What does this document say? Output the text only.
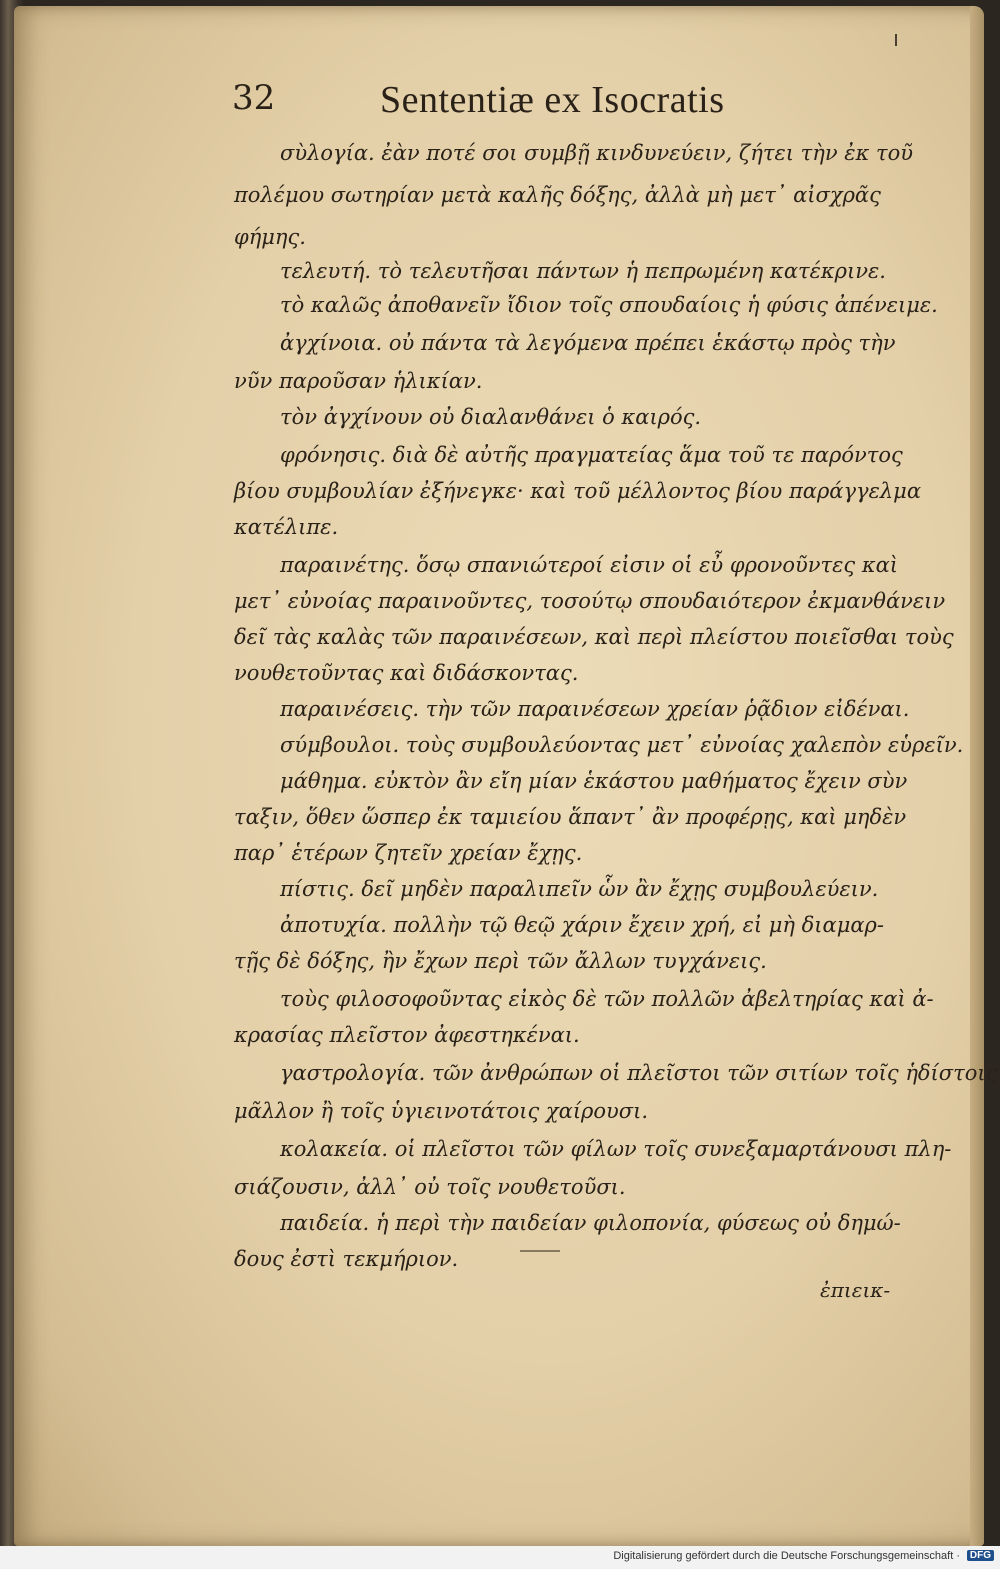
32	Sententiæ ex Isocratis
σὺλογία. ἐὰν ποτέ σοι συμβῇ κινδυνεύειν, ζήτει τὴν ἐκ τοῦ
πολέμου σωτηρίαν μετὰ καλῆς δόξης, ἀλλὰ μὴ μετ᾽ αἰσχρᾶς
φήμης.
τελευτή. τὸ τελευτῆσαι πάντων ἡ πεπρωμένη κατέκρινε.
τὸ καλῶς ἀποθανεῖν ἴδιον τοῖς σπουδαίοις ἡ φύσις ἀπένειμε.
ἀγχίνοια. οὐ πάντα τὰ λεγόμενα πρέπει ἑκάστῳ πρὸς τὴν
νῦν παροῦσαν ἡλικίαν.
τὸν ἀγχίνουν οὐ διαλανθάνει ὁ καιρός.
φρόνησις. διὰ δὲ αὐτῆς πραγματείας ἅμα τοῦ τε παρόντος
βίου συμβουλίαν ἐξήνεγκε· καὶ τοῦ μέλλοντος βίου παράγγελμα
κατέλιπε.
παραινέτης. ὅσῳ σπανιώτεροί εἰσιν οἱ εὖ φρονοῦντες καὶ
μετ᾽ εὐνοίας παραινοῦντες, τοσούτῳ σπουδαιότερον ἐκμανθάνειν
δεῖ τὰς καλὰς τῶν παραινέσεων, καὶ περὶ πλείστου ποιεῖσθαι τοὺς
νουθετοῦντας καὶ διδάσκοντας.
παραινέσεις. τὴν τῶν παραινέσεων χρείαν ῥᾷδιον εἰδέναι.
σύμβουλοι. τοὺς συμβουλεύοντας μετ᾽ εὐνοίας χαλεπὸν εὑρεῖν.
μάθημα. εὐκτὸν ἂν εἴη μίαν ἑκάστου μαθήματος ἔχειν σὺν
ταξιν, ὅθεν ὥσπερ ἐκ ταμιείου ἅπαντ᾽ ἂν προφέρῃς, καὶ μηδὲν
παρ᾽ ἑτέρων ζητεῖν χρείαν ἔχῃς.
πίστις. δεῖ μηδὲν παραλιπεῖν ὧν ἂν ἔχῃς συμβουλεύειν.
ἀποτυχία. πολλὴν τῷ θεῷ χάριν ἔχειν χρή, εἰ μὴ διαμαρ-
τῇς δὲ δόξης, ἢν ἔχων περὶ τῶν ἄλλων τυγχάνεις.
τοὺς φιλοσοφοῦντας εἰκὸς δὲ τῶν πολλῶν ἀβελτηρίας καὶ ἀ-
κρασίας πλεῖστον ἀφεστηκέναι.
γαστρολογία. τῶν ἀνθρώπων οἱ πλεῖστοι τῶν σιτίων τοῖς ἡδίστοις
μᾶλλον ἢ τοῖς ὑγιεινοτάτοις χαίρουσι.
κολακεία. οἱ πλεῖστοι τῶν φίλων τοῖς συνεξαμαρτάνουσι πλη-
σιάζουσιν, ἀλλ᾽ οὐ τοῖς νουθετοῦσι.
παιδεία. ἡ περὶ τὴν παιδείαν φιλοπονία, φύσεως οὐ δημώ-
δους ἐστὶ τεκμήριον.
ἐπιεικ-
Digitalisierung gefördert durch die Deutsche Forschungsgemeinschaft · DFG
